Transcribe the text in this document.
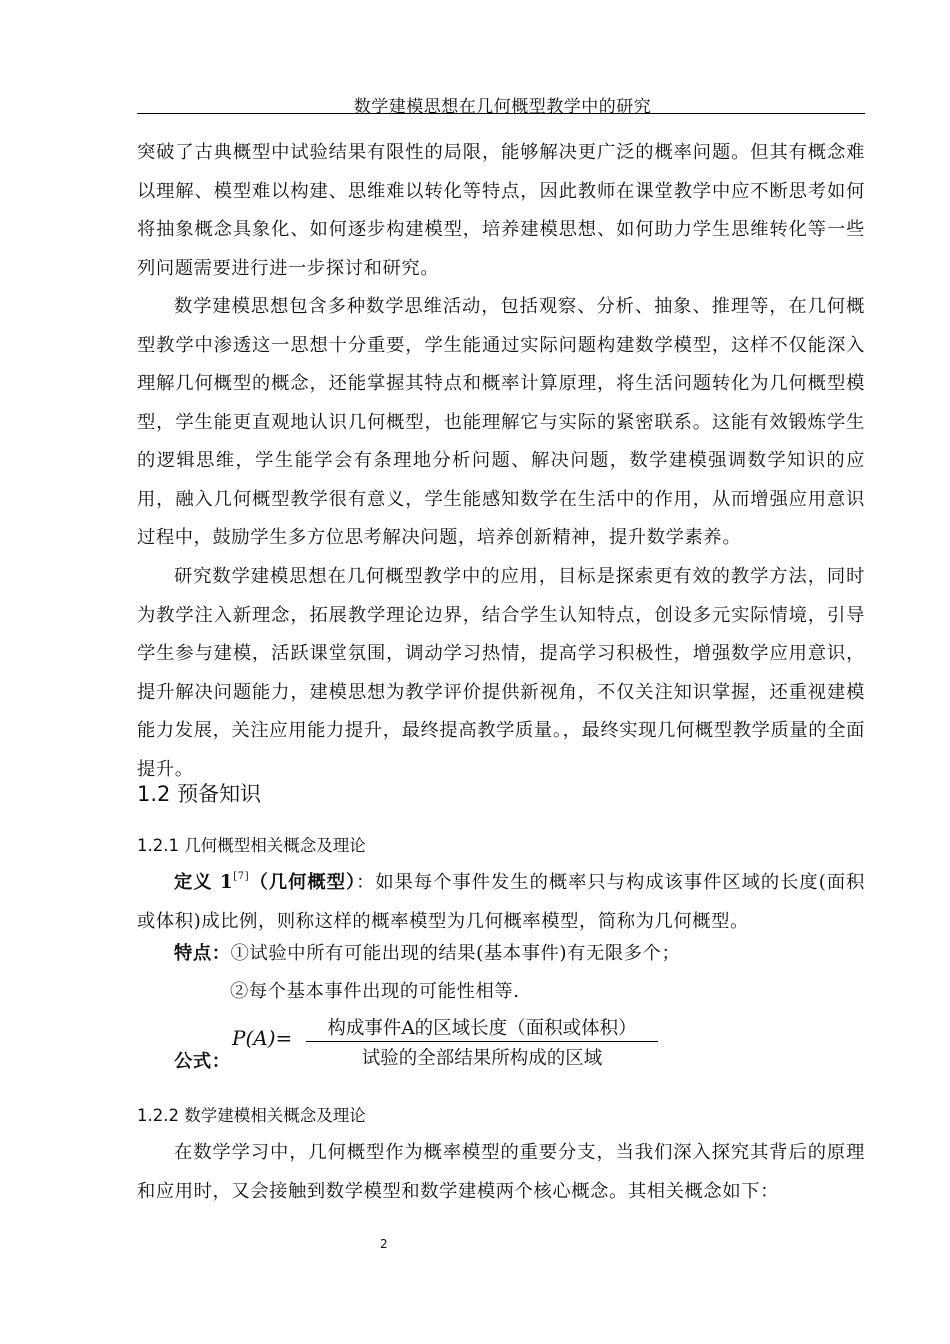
数学建模思想在几何概型教学中的研究

突破了古典概型中试验结果有限性的局限，能够解决更广泛的概率问题。但其有概念难以理解、模型难以构建、思维难以转化等特点，因此教师在课堂教学中应不断思考如何将抽象概念具象化、如何逐步构建模型，培养建模思想、如何助力学生思维转化等一些列问题需要进行进一步探讨和研究。

数学建模思想包含多种数学思维活动，包括观察、分析、抽象、推理等，在几何概型教学中渗透这一思想十分重要，学生能通过实际问题构建数学模型，这样不仅能深入理解几何概型的概念，还能掌握其特点和概率计算原理，将生活问题转化为几何概型模型，学生能更直观地认识几何概型，也能理解它与实际的紧密联系。这能有效锻炼学生的逻辑思维，学生能学会有条理地分析问题、解决问题，数学建模强调数学知识的应用，融入几何概型教学很有意义，学生能感知数学在生活中的作用，从而增强应用意识过程中，鼓励学生多方位思考解决问题，培养创新精神，提升数学素养。

研究数学建模思想在几何概型教学中的应用，目标是探索更有效的教学方法，同时为教学注入新理念，拓展教学理论边界，结合学生认知特点，创设多元实际情境，引导学生参与建模，活跃课堂氛围，调动学习热情，提高学习积极性，增强数学应用意识，提升解决问题能力，建模思想为教学评价提供新视角，不仅关注知识掌握，还重视建模能力发展，关注应用能力提升，最终提高教学质量。，最终实现几何概型教学质量的全面提升。

1.2 预备知识
1.2.1 几何概型相关概念及理论

定义 1[7]（几何概型）：如果每个事件发生的概率只与构成该事件区域的长度(面积或体积)成比例，则称这样的概率模型为几何概率模型，简称为几何概型。

特点：①试验中所有可能出现的结果(基本事件)有无限多个；
②每个基本事件出现的可能性相等.
P(A)=	构成事件A的区域长度（面积或体积）
试验的全部结果所构成的区域
公式：
1.2.2 数学建模相关概念及理论

在数学学习中，几何概型作为概率模型的重要分支，当我们深入探究其背后的原理和应用时，又会接触到数学模型和数学建模两个核心概念。其相关概念如下：

2
